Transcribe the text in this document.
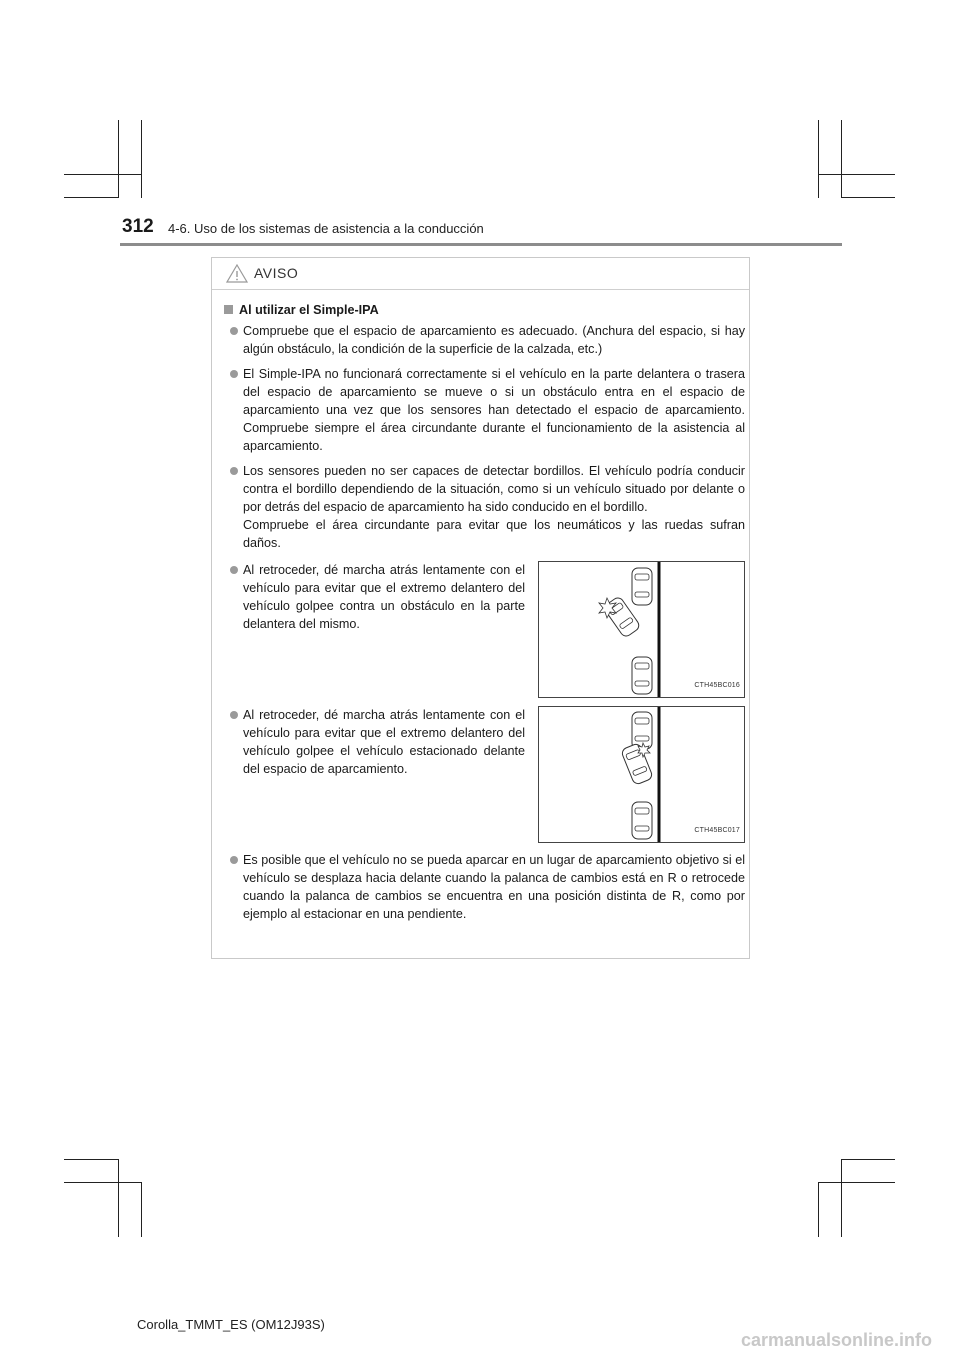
312 4-6. Uso de los sistemas de asistencia a la conducción
AVISO
Al utilizar el Simple-IPA
Compruebe que el espacio de aparcamiento es adecuado. (Anchura del espacio, si hay algún obstáculo, la condición de la superficie de la calzada, etc.)
El Simple-IPA no funcionará correctamente si el vehículo en la parte delantera o trasera del espacio de aparcamiento se mueve o si un obstáculo entra en el espacio de aparcamiento una vez que los sensores han detectado el espacio de aparcamiento. Compruebe siempre el área circundante durante el funcionamiento de la asistencia al aparcamiento.
Los sensores pueden no ser capaces de detectar bordillos. El vehículo podría conducir contra el bordillo dependiendo de la situación, como si un vehículo situado por delante o por detrás del espacio de aparcamiento ha sido conducido en el bordillo.
Compruebe el área circundante para evitar que los neumáticos y las ruedas sufran daños.
Al retroceder, dé marcha atrás lentamente con el vehículo para evitar que el extremo delantero del vehículo golpee contra un obstáculo en la parte delantera del mismo.
CTH45BC016
Al retroceder, dé marcha atrás lentamente con el vehículo para evitar que el extremo delantero del vehículo golpee el vehículo estacionado delante del espacio de aparcamiento.
CTH45BC017
Es posible que el vehículo no se pueda aparcar en un lugar de aparcamiento objetivo si el vehículo se desplaza hacia delante cuando la palanca de cambios está en R o retrocede cuando la palanca de cambios se encuentra en una posición distinta de R, como por ejemplo al estacionar en una pendiente.
Corolla_TMMT_ES (OM12J93S)
carmanualsonline.info
